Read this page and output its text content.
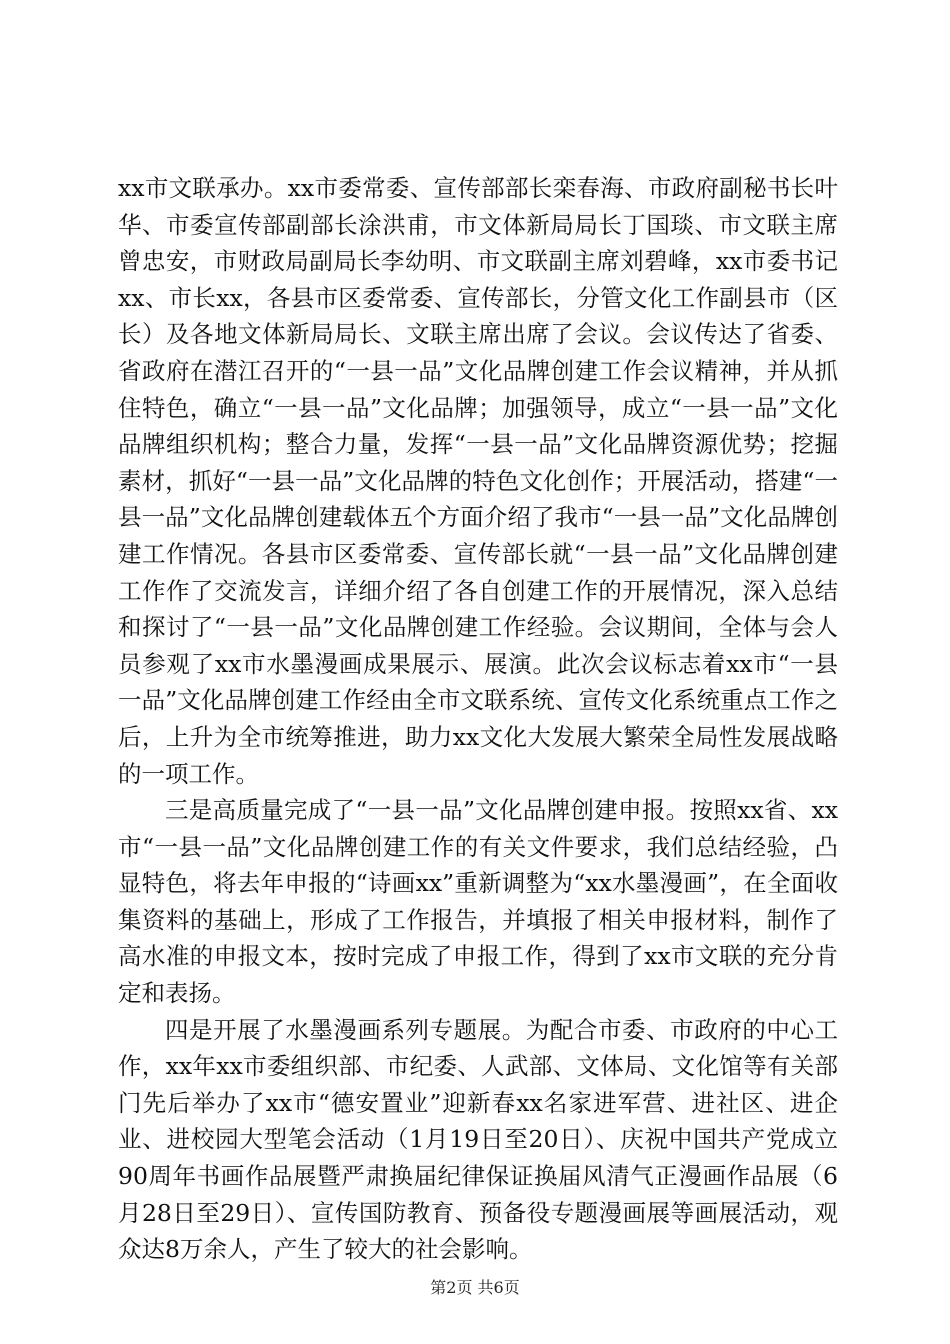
xx市文联承办。xx市委常委、宣传部部长栾春海、市政府副秘书长叶华、市委宣传部副部长涂洪甫，市文体新局局长丁国琰、市文联主席曾忠安，市财政局副局长李幼明、市文联副主席刘碧峰，xx市委书记xx、市长xx，各县市区委常委、宣传部长，分管文化工作副县市（区长）及各地文体新局局长、文联主席出席了会议。会议传达了省委、省政府在潜江召开的“一县一品”文化品牌创建工作会议精神，并从抓住特色，确立“一县一品”文化品牌；加强领导，成立“一县一品”文化品牌组织机构；整合力量，发挥“一县一品”文化品牌资源优势；挖掘素材，抓好“一县一品”文化品牌的特色文化创作；开展活动，搭建“一县一品”文化品牌创建载体五个方面介绍了我市“一县一品”文化品牌创建工作情况。各县市区委常委、宣传部长就“一县一品”文化品牌创建工作作了交流发言，详细介绍了各自创建工作的开展情况，深入总结和探讨了“一县一品”文化品牌创建工作经验。会议期间，全体与会人员参观了xx市水墨漫画成果展示、展演。此次会议标志着xx市“一县一品”文化品牌创建工作经由全市文联系统、宣传文化系统重点工作之后，上升为全市统筹推进，助力xx文化大发展大繁荣全局性发展战略的一项工作。

三是高质量完成了“一县一品”文化品牌创建申报。按照xx省、xx市“一县一品”文化品牌创建工作的有关文件要求，我们总结经验，凸显特色，将去年申报的“诗画xx”重新调整为“xx水墨漫画”，在全面收集资料的基础上，形成了工作报告，并填报了相关申报材料，制作了高水准的申报文本，按时完成了申报工作，得到了xx市文联的充分肯定和表扬。

四是开展了水墨漫画系列专题展。为配合市委、市政府的中心工作，xx年xx市委组织部、市纪委、人武部、文体局、文化馆等有关部门先后举办了xx市“德安置业”迎新春xx名家进军营、进社区、进企业、进校园大型笔会活动（1月19日至20日）、庆祝中国共产党成立90周年书画作品展暨严肃换届纪律保证换届风清气正漫画作品展（6月28日至29日）、宣传国防教育、预备役专题漫画展等画展活动，观众达8万余人，产生了较大的社会影响。

第2页 共6页
